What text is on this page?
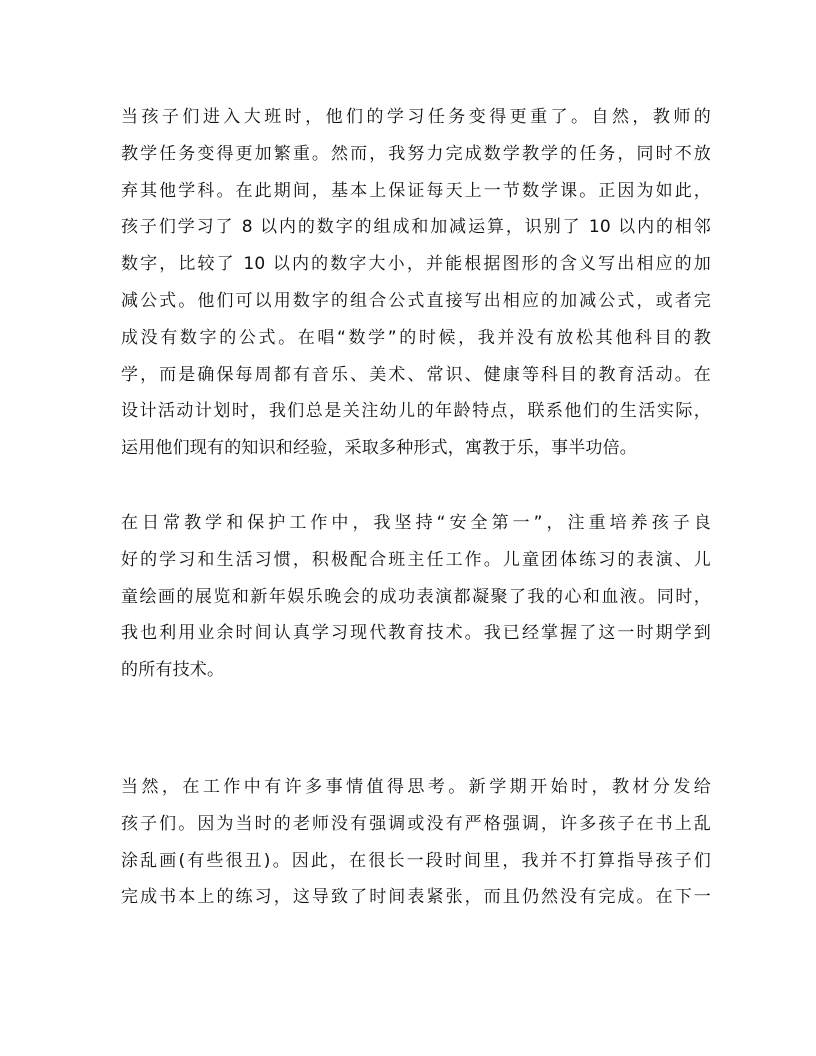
当孩子们进入大班时，他们的学习任务变得更重了。自然，教师的
教学任务变得更加繁重。然而，我努力完成数学教学的任务，同时不放
弃其他学科。在此期间，基本上保证每天上一节数学课。正因为如此，
孩子们学习了 8 以内的数字的组成和加减运算，识别了 10 以内的相邻
数字，比较了 10 以内的数字大小，并能根据图形的含义写出相应的加
减公式。他们可以用数字的组合公式直接写出相应的加减公式，或者完
成没有数字的公式。在唱“数学”的时候，我并没有放松其他科目的教
学，而是确保每周都有音乐、美术、常识、健康等科目的教育活动。在
设计活动计划时，我们总是关注幼儿的年龄特点，联系他们的生活实际，
运用他们现有的知识和经验，采取多种形式，寓教于乐，事半功倍。
在日常教学和保护工作中，我坚持“安全第一”，注重培养孩子良
好的学习和生活习惯，积极配合班主任工作。儿童团体练习的表演、儿
童绘画的展览和新年娱乐晚会的成功表演都凝聚了我的心和血液。同时，
我也利用业余时间认真学习现代教育技术。我已经掌握了这一时期学到
的所有技术。
当然，在工作中有许多事情值得思考。新学期开始时，教材分发给
孩子们。因为当时的老师没有强调或没有严格强调，许多孩子在书上乱
涂乱画(有些很丑)。因此，在很长一段时间里，我并不打算指导孩子们
完成书本上的练习，这导致了时间表紧张，而且仍然没有完成。在下一
